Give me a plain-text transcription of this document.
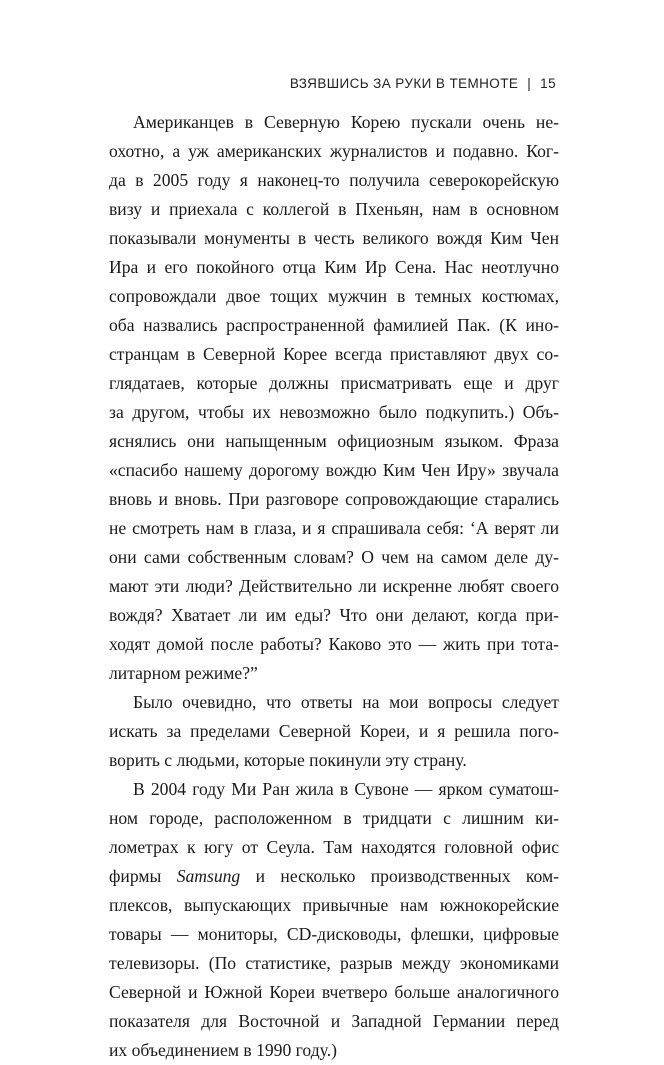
ВЗЯВШИСЬ ЗА РУКИ В ТЕМНОТЕ | 15

Американцев в Северную Корею пускали очень не-
охотно, а уж американских журналистов и подавно. Ког-
да в 2005 году я наконец-то получила северокорейскую
визу и приехала с коллегой в Пхеньян, нам в основном
показывали монументы в честь великого вождя Ким Чен
Ира и его покойного отца Ким Ир Сена. Нас неотлучно
сопровождали двое тощих мужчин в темных костюмах,
оба назвались распространенной фамилией Пак. (К ино-
странцам в Северной Корее всегда приставляют двух со-
глядатаев, которые должны присматривать еще и друг
за другом, чтобы их невозможно было подкупить.) Объ-
яснялись они напыщенным официозным языком. Фраза
«спасибо нашему дорогому вождю Ким Чен Иру» звучала
вновь и вновь. При разговоре сопровождающие старались
не смотреть нам в глаза, и я спрашивала себя: ‘А верят ли
они сами собственным словам? О чем на самом деле ду-
мают эти люди? Действительно ли искренне любят своего
вождя? Хватает ли им еды? Что они делают, когда при-
ходят домой после работы? Каково это — жить при тота-
литарном режиме?”

Было очевидно, что ответы на мои вопросы следует
искать за пределами Северной Кореи, и я решила пого-
ворить с людьми, которые покинули эту страну.

В 2004 году Ми Ран жила в Сувоне — ярком суматош-
ном городе, расположенном в тридцати с лишним ки-
лометрах к югу от Сеула. Там находятся головной офис
фирмы Samsung и несколько производственных ком-
плексов, выпускающих привычные нам южнокорейские
товары — мониторы, CD-дисководы, флешки, цифровые
телевизоры. (По статистике, разрыв между экономиками
Северной и Южной Кореи вчетверо больше аналогичного
показателя для Восточной и Западной Германии перед
их объединением в 1990 году.)
